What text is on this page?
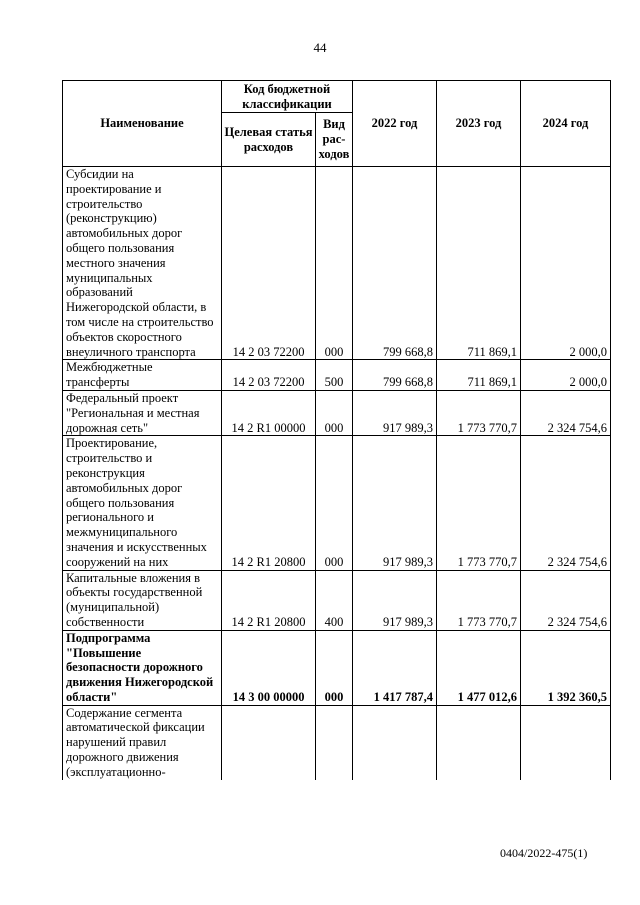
44
Наименование	Код бюджетной классификации		2022 год	2023 год	2024 год
	Целевая статья расходов	Вид рас-ходов			
Субсидии на проектирование и строительство (реконструкцию) автомобильных дорог общего пользования местного значения муниципальных образований Нижегородской области, в том числе на строительство объектов скоростного внеуличного транспорта	14 2 03 72200	000	799 668,8	711 869,1	2 000,0
Межбюджетные трансферты	14 2 03 72200	500	799 668,8	711 869,1	2 000,0
Федеральный проект "Региональная и местная дорожная сеть"	14 2 R1 00000	000	917 989,3	1 773 770,7	2 324 754,6
Проектирование, строительство и реконструкция автомобильных дорог общего пользования регионального и межмуниципального значения и искусственных сооружений на них	14 2 R1 20800	000	917 989,3	1 773 770,7	2 324 754,6
Капитальные вложения в объекты государственной (муниципальной) собственности	14 2 R1 20800	400	917 989,3	1 773 770,7	2 324 754,6
Подпрограмма "Повышение безопасности дорожного движения Нижегородской области"	14 3 00 00000	000	1 417 787,4	1 477 012,6	1 392 360,5
Содержание сегмента автоматической фиксации нарушений правил дорожного движения (эксплуатационно-					
0404/2022-475(1)
